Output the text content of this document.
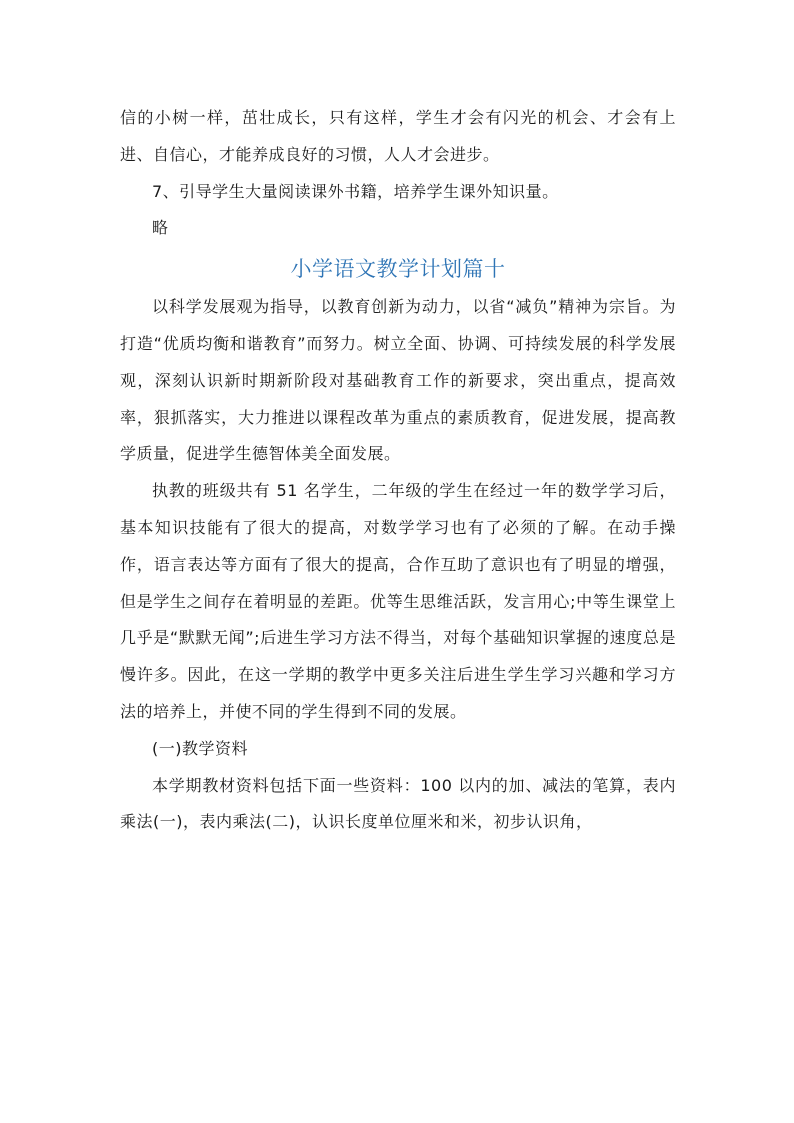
信的小树一样，茁壮成长，只有这样，学生才会有闪光的机会、才会有上进、自信心，才能养成良好的习惯，人人才会进步。

7、引导学生大量阅读课外书籍，培养学生课外知识量。

略

小学语文教学计划篇十

以科学发展观为指导，以教育创新为动力，以省“减负”精神为宗旨。为打造“优质均衡和谐教育”而努力。树立全面、协调、可持续发展的科学发展观，深刻认识新时期新阶段对基础教育工作的新要求，突出重点，提高效率，狠抓落实，大力推进以课程改革为重点的素质教育，促进发展，提高教学质量，促进学生德智体美全面发展。

执教的班级共有 51 名学生，二年级的学生在经过一年的数学学习后，基本知识技能有了很大的提高，对数学学习也有了必须的了解。在动手操作，语言表达等方面有了很大的提高，合作互助了意识也有了明显的增强，但是学生之间存在着明显的差距。优等生思维活跃，发言用心;中等生课堂上几乎是“默默无闻”;后进生学习方法不得当，对每个基础知识掌握的速度总是慢许多。因此，在这一学期的教学中更多关注后进生学生学习兴趣和学习方法的培养上，并使不同的学生得到不同的发展。

(一)教学资料

本学期教材资料包括下面一些资料：100 以内的加、减法的笔算，表内乘法(一)，表内乘法(二)，认识长度单位厘米和米，初步认识角，
